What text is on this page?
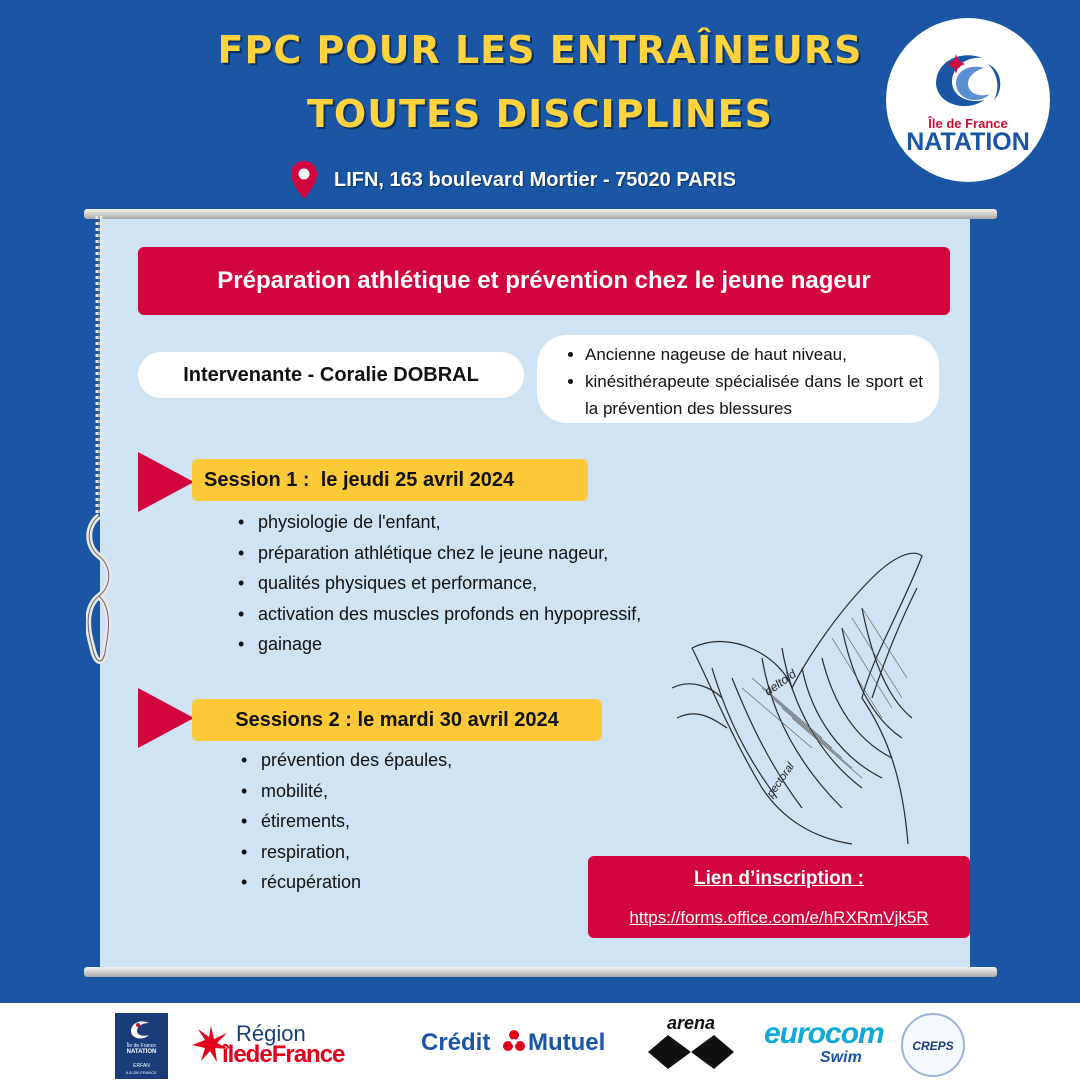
FPC POUR LES ENTRAÎNEURS
TOUTES DISCIPLINES
LIFN, 163 boulevard Mortier - 75020 PARIS
Île de France
NATATION
Préparation athlétique et prévention chez le jeune nageur
Intervenante - Coralie DOBRAL
• Ancienne nageuse de haut niveau,
• kinésithérapeute spécialisée dans le sport et la prévention des blessures
Session 1 :  le jeudi 25 avril 2024
• physiologie de l'enfant,
• préparation athlétique chez le jeune nageur,
• qualités physiques et performance,
• activation des muscles profonds en hypopressif,
• gainage
Sessions 2 : le mardi 30 avril 2024
• prévention des épaules,
• mobilité,
• étirements,
• respiration,
• récupération
deltoid
pectoral
Lien d’inscription :
https://forms.office.com/e/hRXRmVjk5R
Île de France
NATATION
ERFAN
ILE-DE-FRANCE
Région
îledeFrance	Crédit Mutuel
arena eurocom
Swim
CREPS
